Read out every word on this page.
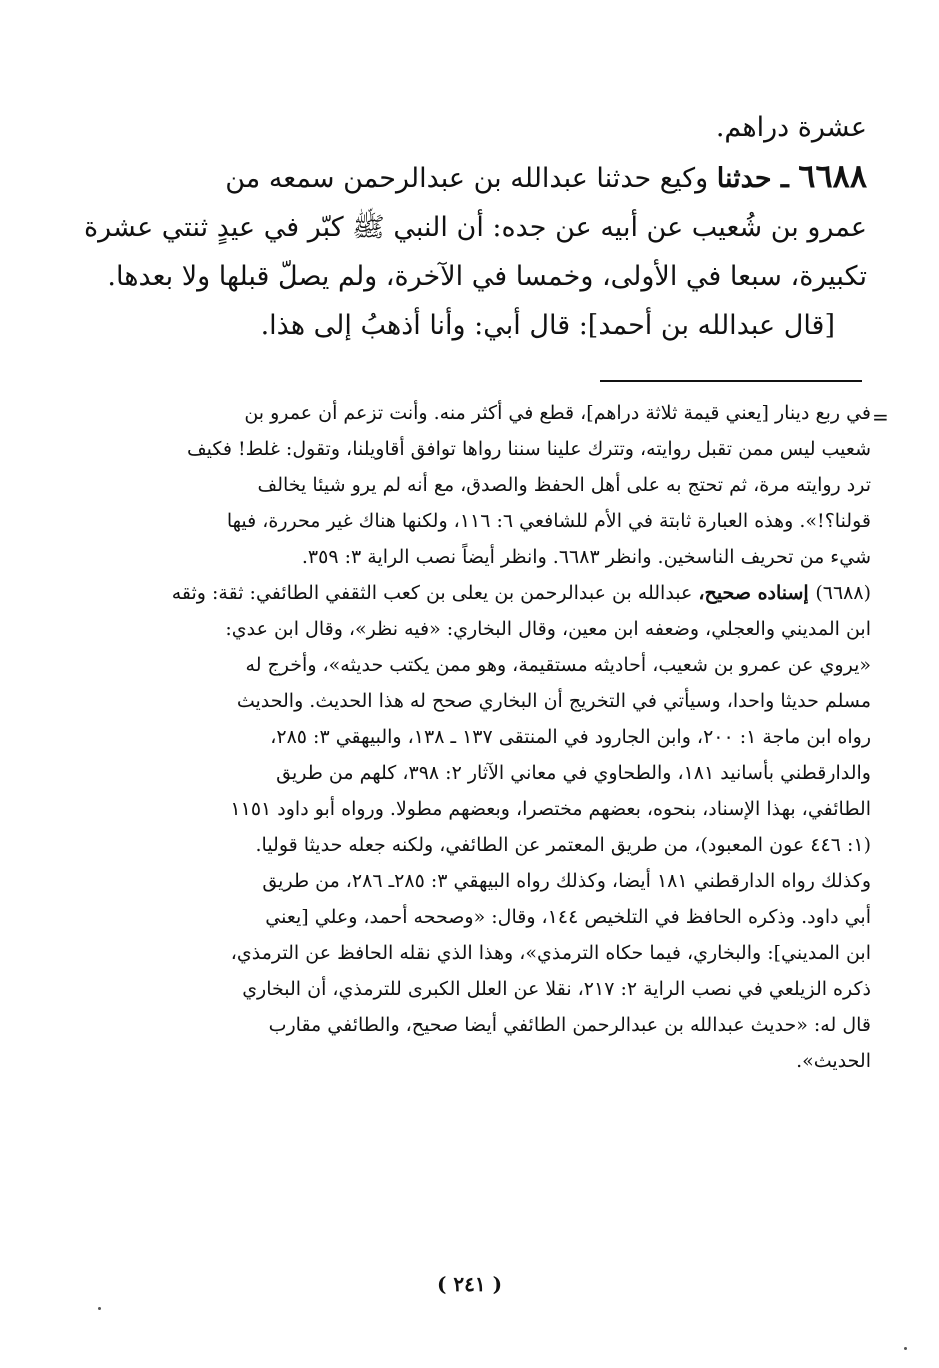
عشرة دراهم.

٦٦٨٨ ـ حدثنا وكيع حدثنا عبدالله بن عبدالرحمن سمعه من

عمرو بن شُعيب عن أبيه عن جده: أن النبي ﷺ كبّر في عيدٍ ثنتي عشرة

تكبيرة، سبعا في الأولى، وخمسا في الآخرة، ولم يصلّ قبلها ولا بعدها.

[قال عبدالله بن أحمد]: قال أبي: وأنا أذهبُ إلى هذا.

=

في ربع دينار [يعني قيمة ثلاثة دراهم]، قطع في أكثر منه. وأنت تزعم أن عمرو بن

شعيب ليس ممن تقبل روايته، وتترك علينا سننا رواها توافق أقاويلنا، وتقول: غلط! فكيف

ترد روايته مرة، ثم تحتج به على أهل الحفظ والصدق، مع أنه لم يرو شيئا يخالف

قولنا؟!». وهذه العبارة ثابتة في الأم للشافعي ٦: ١١٦، ولكنها هناك غير محررة، فيها

شيء من تحريف الناسخين. وانظر ٦٦٨٣. وانظر أيضاً نصب الراية ٣: ٣٥٩.

(٦٦٨٨) إسناده صحيح، عبدالله بن عبدالرحمن بن يعلى بن كعب الثقفي الطائفي: ثقة: وثقه

ابن المديني والعجلي، وضعفه ابن معين، وقال البخاري: «فيه نظر»، وقال ابن عدي:

«يروي عن عمرو بن شعيب، أحاديثه مستقيمة، وهو ممن يكتب حديثه»، وأخرج له

مسلم حديثا واحدا، وسيأتي في التخريج أن البخاري صحح له هذا الحديث. والحديث

رواه ابن ماجة ١: ٢٠٠، وابن الجارود في المنتقى ١٣٧ ـ ١٣٨، والبيهقي ٣: ٢٨٥،

والدارقطني بأسانيد ١٨١، والطحاوي في معاني الآثار ٢: ٣٩٨، كلهم من طريق

الطائفي، بهذا الإسناد، بنحوه، بعضهم مختصرا، وبعضهم مطولا. ورواه أبو داود ١١٥١

(١: ٤٤٦ عون المعبود)، من طريق المعتمر عن الطائفي، ولكنه جعله حديثا قوليا.

وكذلك رواه الدارقطني ١٨١ أيضا، وكذلك رواه البيهقي ٣: ٢٨٥ـ ٢٨٦، من طريق

أبي داود. وذكره الحافظ في التلخيص ١٤٤، وقال: «وصححه أحمد، وعلي [يعني

ابن المديني]: والبخاري، فيما حكاه الترمذي»، وهذا الذي نقله الحافظ عن الترمذي،

ذكره الزيلعي في نصب الراية ٢: ٢١٧، نقلا عن العلل الكبرى للترمذي، أن البخاري

قال له: «حديث عبدالله بن عبدالرحمن الطائفي أيضا صحيح، والطائفي مقارب

الحديث».

( ٢٤١ )
